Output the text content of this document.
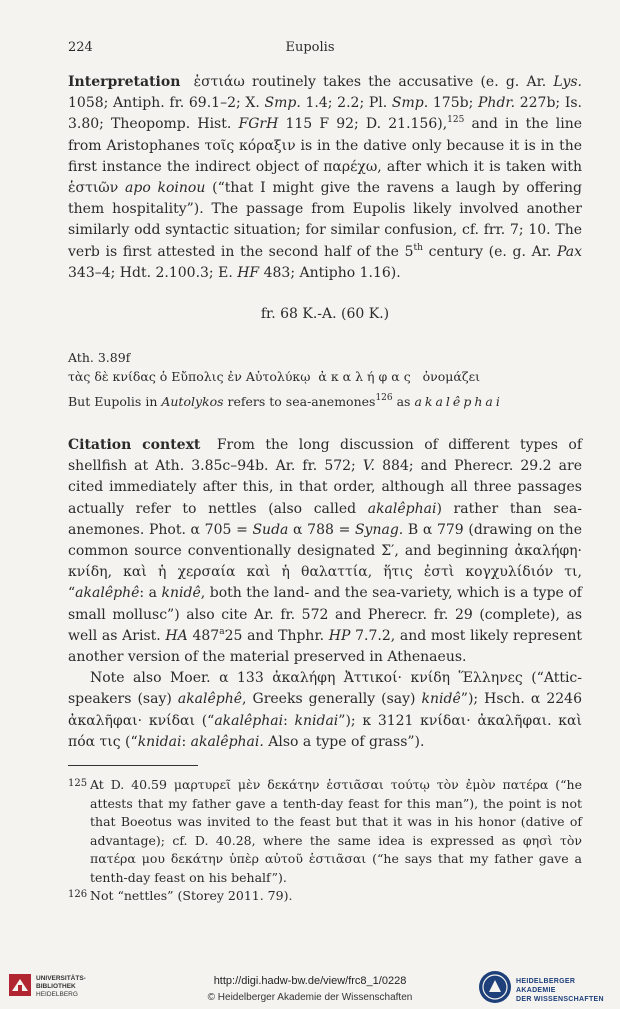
224	Eupolis

Interpretation ἑστιάω routinely takes the accusative (e. g. Ar. Lys. 1058; Antiph. fr. 69.1–2; X. Smp. 1.4; 2.2; Pl. Smp. 175b; Phdr. 227b; Is. 3.80; Theopomp. Hist. FGrH 115 F 92; D. 21.156),$^{125}$ and in the line from Aristophanes τοῖς κόραξιν is in the dative only because it is in the first instance the indirect object of παρέχω, after which it is taken with ἑστιῶν apo koinou (“that I might give the ravens a laugh by offering them hospitality”). The passage from Eupolis likely involved another similarly odd syntactic situation; for similar confusion, cf. frr. 7; 10. The verb is first attested in the second half of the 5th century (e. g. Ar. Pax 343–4; Hdt. 2.100.3; E. HF 483; Antipho 1.16).

fr. 68 K.-A. (60 K.)
Ath. 3.89f
τὰς δὲ κνίδας ὁ Εὔπολις ἐν Αὐτολύκῳ ἀκαλήφας ὀνομάζει
But Eupolis in Autolykos refers to sea-anemones$^{126}$ as akalêphai

Citation context From the long discussion of different types of shellfish at Ath. 3.85c–94b. Ar. fr. 572; V. 884; and Pherecr. 29.2 are cited immediately after this, in that order, although all three passages actually refer to nettles (also called akalêphai) rather than sea-anemones. Phot. α 705 = Suda α 788 = Synag. B α 779 (drawing on the common source conventionally designated Σ′, and beginning ἀκαλήφη· κνίδη, καὶ ἡ χερσαία καὶ ἡ θαλαττία, ἥτις ἐστὶ κογχυλίδιόν τι, “akalêphê: a knidê, both the land- and the sea-variety, which is a type of small mollusc”) also cite Ar. fr. 572 and Pherecr. fr. 29 (complete), as well as Arist. HA 487$^a$25 and Thphr. HP 7.7.2, and most likely represent another version of the material preserved in Athenaeus.

Note also Moer. α 133 ἀκαλήφη Ἀττικοί· κνίδη Ἕλληνες (“Attic-speakers (say) akalêphê, Greeks generally (say) knidê”); Hsch. α 2246 ἀκαλῆφαι· κνίδαι (“akalêphai: knidai”); κ 3121 κνίδαι· ἀκαλῆφαι. καὶ πόα τις (“knidai: akalêphai. Also a type of grass”).

125 At D. 40.59 μαρτυρεῖ μὲν δεκάτην ἑστιᾶσαι τούτῳ τὸν ἐμὸν πατέρα (“he attests that my father gave a tenth-day feast for this man”), the point is not that Boeotus was invited to the feast but that it was in his honor (dative of advantage); cf. D. 40.28, where the same idea is expressed as φησὶ τὸν πατέρα μου δεκάτην ὑπὲρ αὐτοῦ ἑστιᾶσαι (“he says that my father gave a tenth-day feast on his behalf”).
126 Not “nettles” (Storey 2011. 79).
UNIVERSITÄTS-
BIBLIOTHEK
HEIDELBERG
http://digi.hadw-bw.de/view/frc8_1/0228
© Heidelberger Akademie der Wissenschaften
HEIDELBERGER AKADEMIE
DER WISSENSCHAFTEN
